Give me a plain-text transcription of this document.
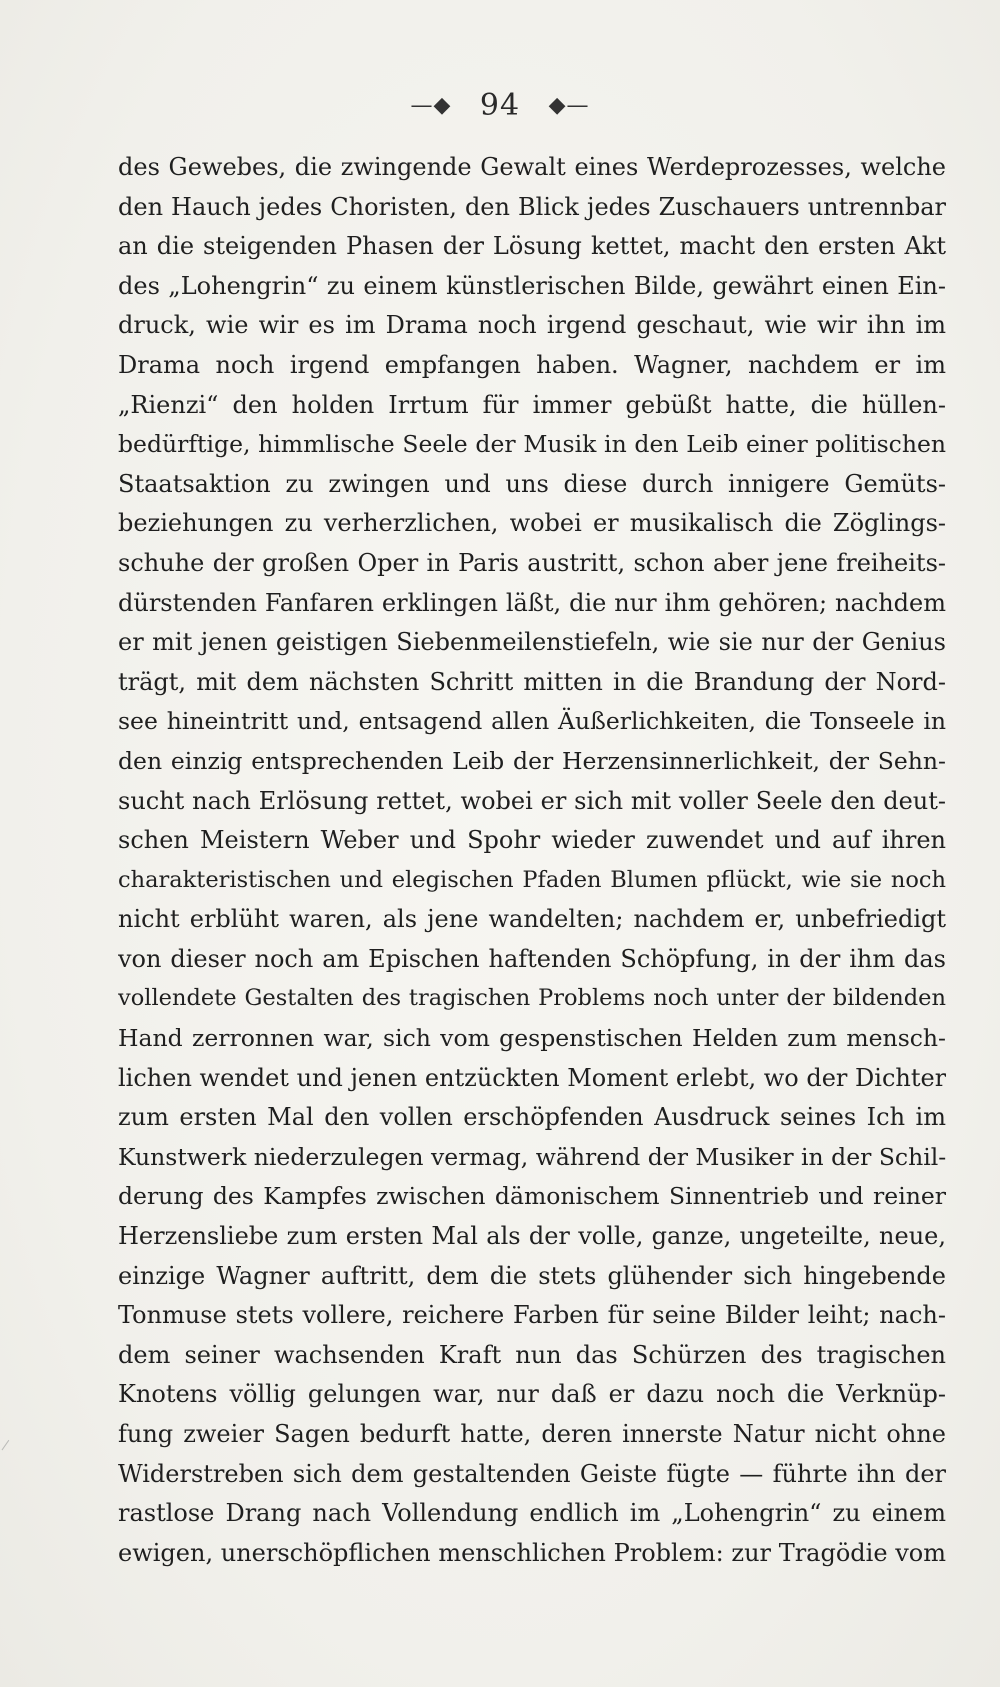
—◆ 94 ◆—
des Gewebes, die zwingende Gewalt eines Werdeprozesses, welche
den Hauch jedes Choristen, den Blick jedes Zuschauers untrennbar
an die steigenden Phasen der Lösung kettet, macht den ersten Akt
des „Lohengrin“ zu einem künstlerischen Bilde, gewährt einen Ein-
druck, wie wir es im Drama noch irgend geschaut, wie wir ihn im
Drama noch irgend empfangen haben. Wagner, nachdem er im
„Rienzi“ den holden Irrtum für immer gebüßt hatte, die hüllen-
bedürftige, himmlische Seele der Musik in den Leib einer politischen
Staatsaktion zu zwingen und uns diese durch innigere Gemüts-
beziehungen zu verherzlichen, wobei er musikalisch die Zöglings-
schuhe der großen Oper in Paris austritt, schon aber jene freiheits-
dürstenden Fanfaren erklingen läßt, die nur ihm gehören; nachdem
er mit jenen geistigen Siebenmeilenstiefeln, wie sie nur der Genius
trägt, mit dem nächsten Schritt mitten in die Brandung der Nord-
see hineintritt und, entsagend allen Äußerlichkeiten, die Tonseele in
den einzig entsprechenden Leib der Herzensinnerlichkeit, der Sehn-
sucht nach Erlösung rettet, wobei er sich mit voller Seele den deut-
schen Meistern Weber und Spohr wieder zuwendet und auf ihren
charakteristischen und elegischen Pfaden Blumen pflückt, wie sie noch
nicht erblüht waren, als jene wandelten; nachdem er, unbefriedigt
von dieser noch am Epischen haftenden Schöpfung, in der ihm das
vollendete Gestalten des tragischen Problems noch unter der bildenden
Hand zerronnen war, sich vom gespenstischen Helden zum mensch-
lichen wendet und jenen entzückten Moment erlebt, wo der Dichter
zum ersten Mal den vollen erschöpfenden Ausdruck seines Ich im
Kunstwerk niederzulegen vermag, während der Musiker in der Schil-
derung des Kampfes zwischen dämonischem Sinnentrieb und reiner
Herzensliebe zum ersten Mal als der volle, ganze, ungeteilte, neue,
einzige Wagner auftritt, dem die stets glühender sich hingebende
Tonmuse stets vollere, reichere Farben für seine Bilder leiht; nach-
dem seiner wachsenden Kraft nun das Schürzen des tragischen
Knotens völlig gelungen war, nur daß er dazu noch die Verknüp-
fung zweier Sagen bedurft hatte, deren innerste Natur nicht ohne
Widerstreben sich dem gestaltenden Geiste fügte — führte ihn der
rastlose Drang nach Vollendung endlich im „Lohengrin“ zu einem
ewigen, unerschöpflichen menschlichen Problem: zur Tragödie vom
